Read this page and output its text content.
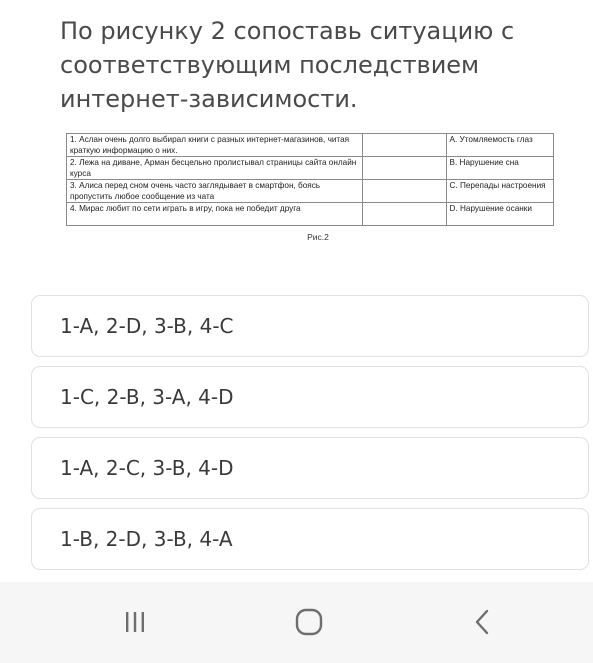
По рисунку 2 сопоставь ситуацию с соответствующим последствием интернет-зависимости.
1. Аслан очень долго выбирал книги с разных интернет-магазинов, читая краткую информацию о них.		А. Утомляемость глаз
2. Лежа на диване, Арман бесцельно пролистывал страницы сайта онлайн курса		В. Нарушение сна
3. Алиса перед сном очень часто заглядывает в смартфон, боясь пропустить любое сообщение из чата		С. Перепады настроения
4. Мирас любит по сети играть в игру, пока не победит друга		D. Нарушение осанки
Рис.2
1-A, 2-D, 3-B, 4-C
1-C, 2-B, 3-A, 4-D
1-A, 2-C, 3-B, 4-D
1-B, 2-D, 3-B, 4-A
